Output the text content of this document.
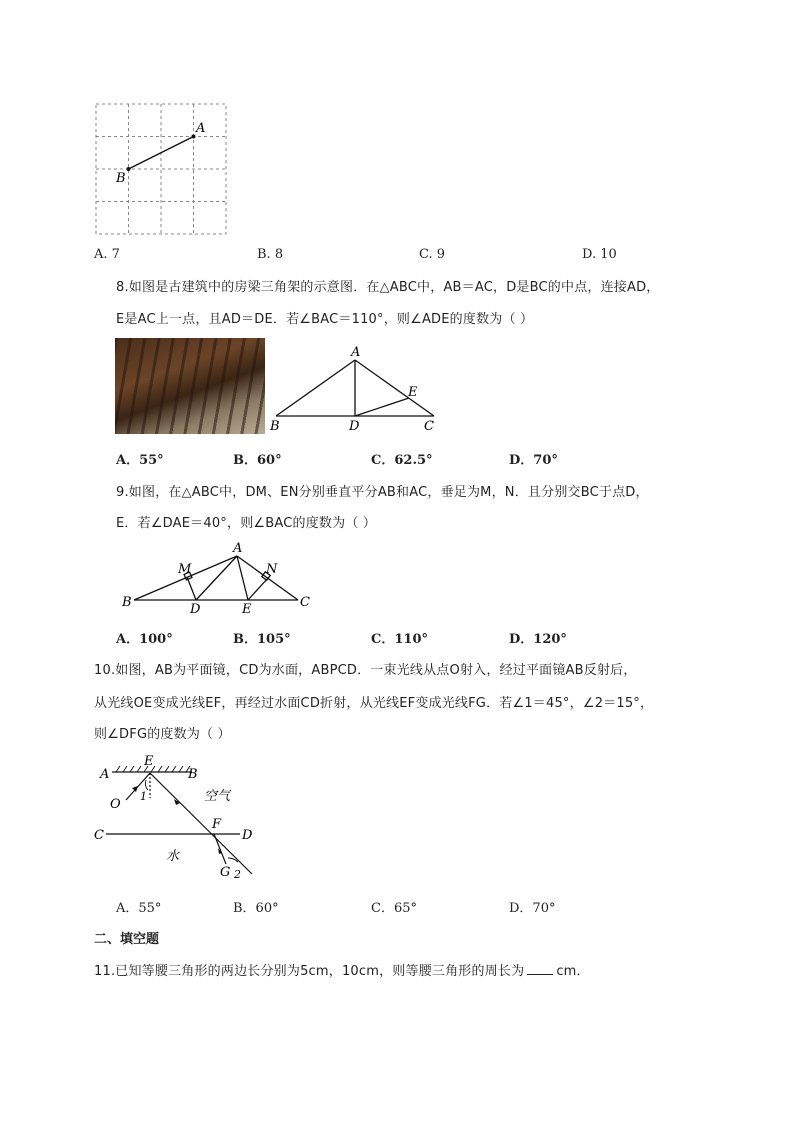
A
B
A. 7	B. 8	C. 9	D. 10
8.如图是古建筑中的房梁三角架的示意图．在△ABC中，AB＝AC，D是BC的中点，连接AD，
E是AC上一点，且AD＝DE．若∠BAC＝110°，则∠ADE的度数为（ ）
A
B	D	C
E
A．55°	B．60°	C．62.5°	D．70°
9.如图，在△ABC中，DM、EN分别垂直平分AB和AC，垂足为M，N．且分别交BC于点D，
E．若∠DAE＝40°，则∠BAC的度数为（ ）
A
M	N
B	D	E	C
A．100°	B．105°	C．110°	D．120°
10.如图，AB为平面镜，CD为水面，ABPCD．一束光线从点O射入，经过平面镜AB反射后，
从光线OE变成光线EF，再经过水面CD折射，从光线EF变成光线FG．若∠1＝45°，∠2＝15°，
则∠DFG的度数为（ ）
A
E
B
O
1	空气
C
F
D
水
G 2
A．55°	B．60°	C．65°	D．70°
二、填空题
11.已知等腰三角形的两边长分别为5cm，10cm，则等腰三角形的周长为 cm．
